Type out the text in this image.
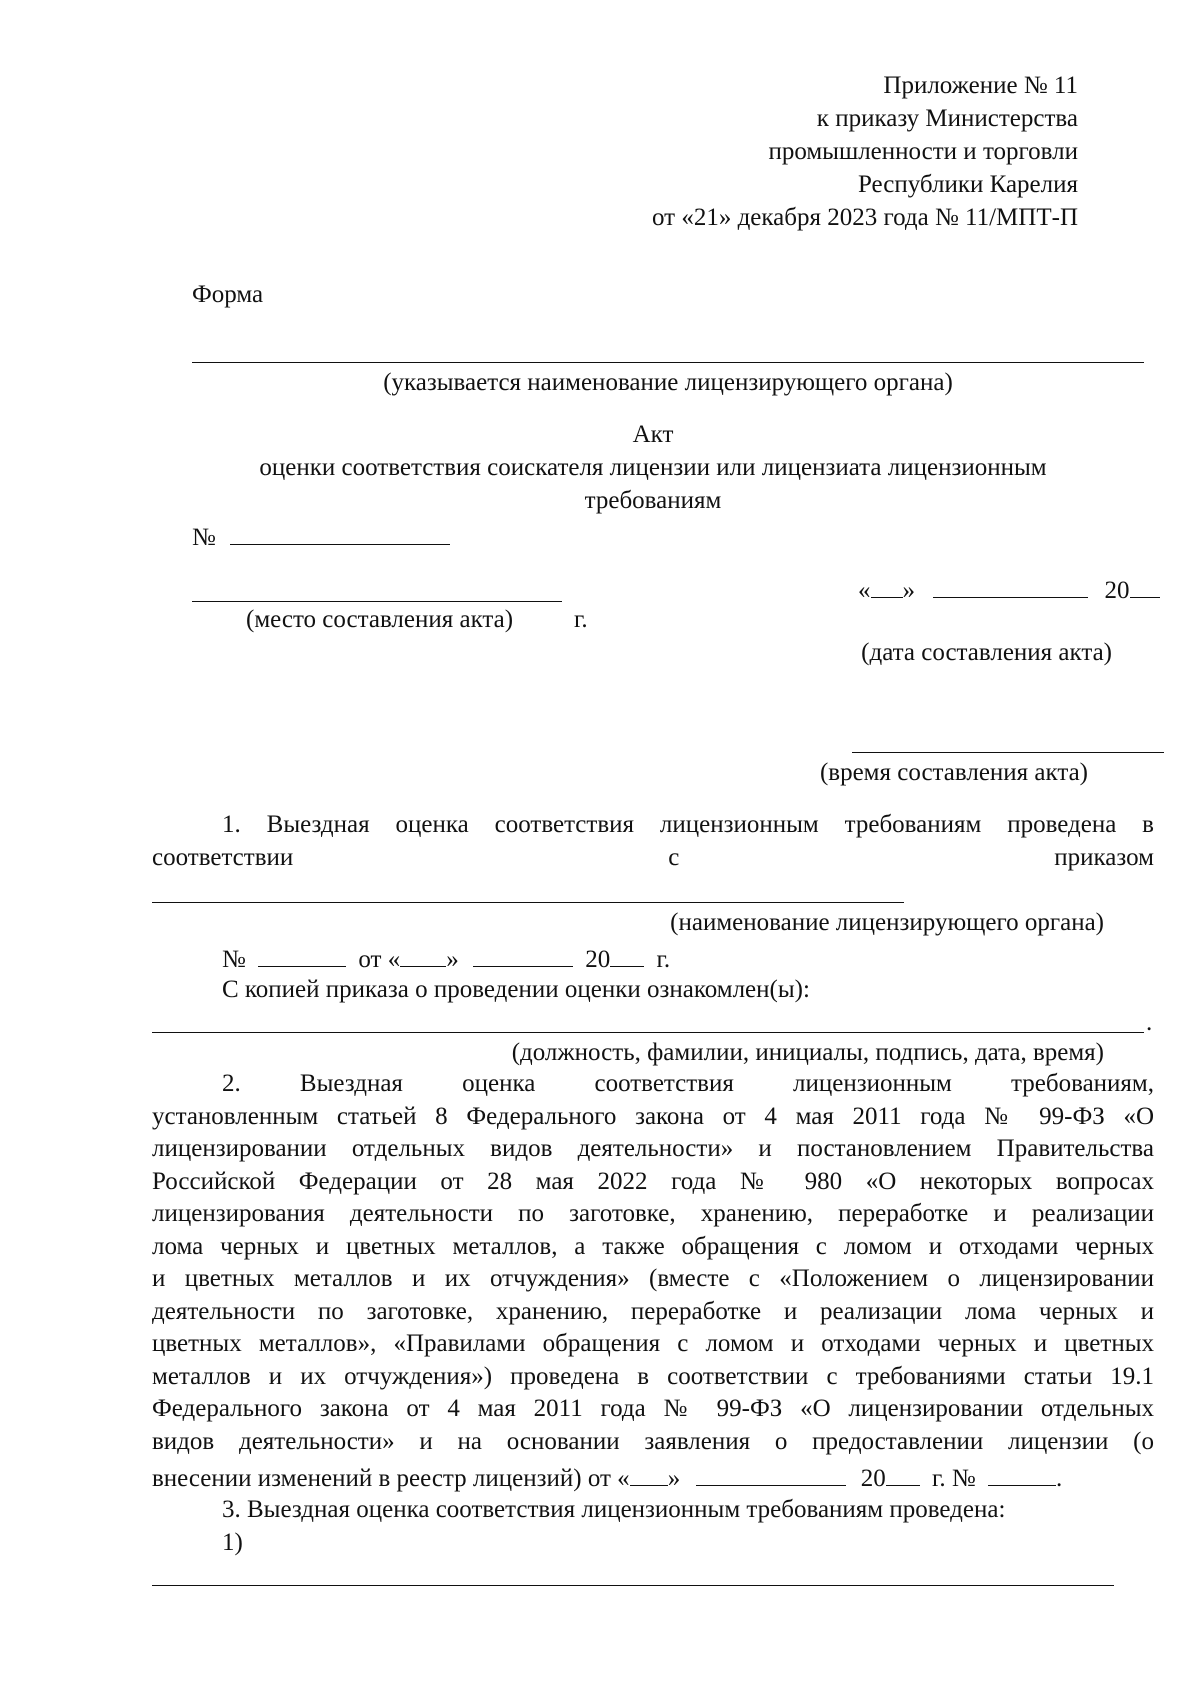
Приложение № 11
к приказу Министерства
промышленности и торговли
Республики Карелия
от «21» декабря 2023 года № 11/МПТ-П
Форма
(указывается наименование лицензирующего органа)
Акт
оценки соответствия соискателя лицензии или лицензиата лицензионным
требованиям
№
(место составления акта) г.
« »	20
(дата составления акта)
(время составления акта)
1. Выездная оценка соответствия лицензионным требованиям проведена в
соответствии	с	приказом
(наименование лицензирующего органа)
№	от « »	20 г.
С копией приказа о проведении оценки ознакомлен(ы):
.
(должность, фамилии, инициалы, подпись, дата, время)
2. Выездная оценка соответствия лицензионным требованиям,
установленным статьей 8 Федерального закона от 4 мая 2011 года № 99-ФЗ «О
лицензировании отдельных видов деятельности» и постановлением Правительства
Российской Федерации от 28 мая 2022 года № 980 «О некоторых вопросах
лицензирования деятельности по заготовке, хранению, переработке и реализации
лома черных и цветных металлов, а также обращения с ломом и отходами черных
и цветных металлов и их отчуждения» (вместе с «Положением о лицензировании
деятельности по заготовке, хранению, переработке и реализации лома черных и
цветных металлов», «Правилами обращения с ломом и отходами черных и цветных
металлов и их отчуждения») проведена в соответствии с требованиями статьи 19.1
Федерального закона от 4 мая 2011 года № 99-ФЗ «О лицензировании отдельных
видов деятельности» и на основании заявления о предоставлении лицензии (о
внесении изменений в реестр лицензий) от « »	20 г. №	.
3. Выездная оценка соответствия лицензионным требованиям проведена:
1)
